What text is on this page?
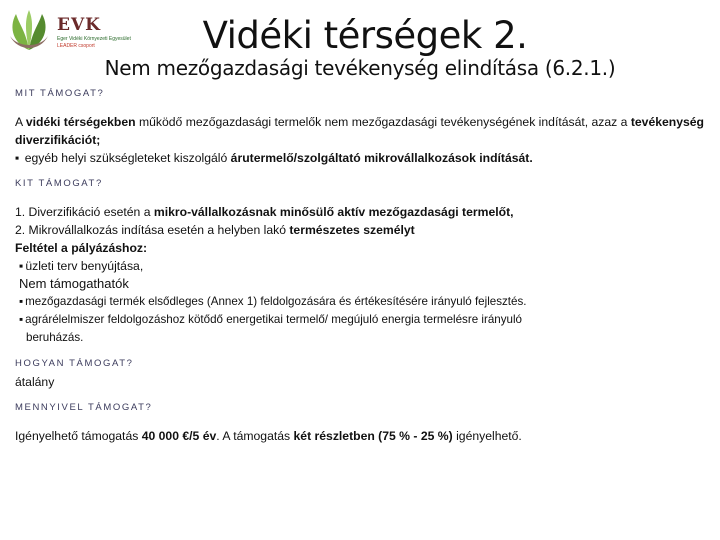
EVK
Eger Vidéki Környezeti Egyesület
LEADER csoport	Vidéki térségek 2.
Nem mezőgazdasági tevékenység elindítása (6.2.1.)
MIT TÁMOGAT?
A vidéki térségekben működő mezőgazdasági termelők nem mezőgazdasági tevékenységének indítását, azaz a tevékenység diverzifikációt;
▪ egyéb helyi szükségleteket kiszolgáló árutermelő/szolgáltató mikrovállalkozások indítását.
KIT TÁMOGAT?
1. Diverzifikáció esetén a mikro-vállalkozásnak minősülő aktív mezőgazdasági termelőt,
2. Mikrovállalkozás indítása esetén a helyben lakó természetes személyt
Feltétel a pályázáshoz:
▪ üzleti terv benyújtása,
Nem támogathatók
▪ mezőgazdasági termék elsődleges (Annex 1) feldolgozására és értékesítésére irányuló fejlesztés.
▪ agrárélelmiszer feldolgozáshoz kötődő energetikai termelő/ megújuló energia termelésre irányuló
beruházás.
HOGYAN TÁMOGAT?
átalány
MENNYIVEL TÁMOGAT?
Igényelhető támogatás 40 000 €/5 év. A támogatás két részletben (75 % - 25 %) igényelhető.
